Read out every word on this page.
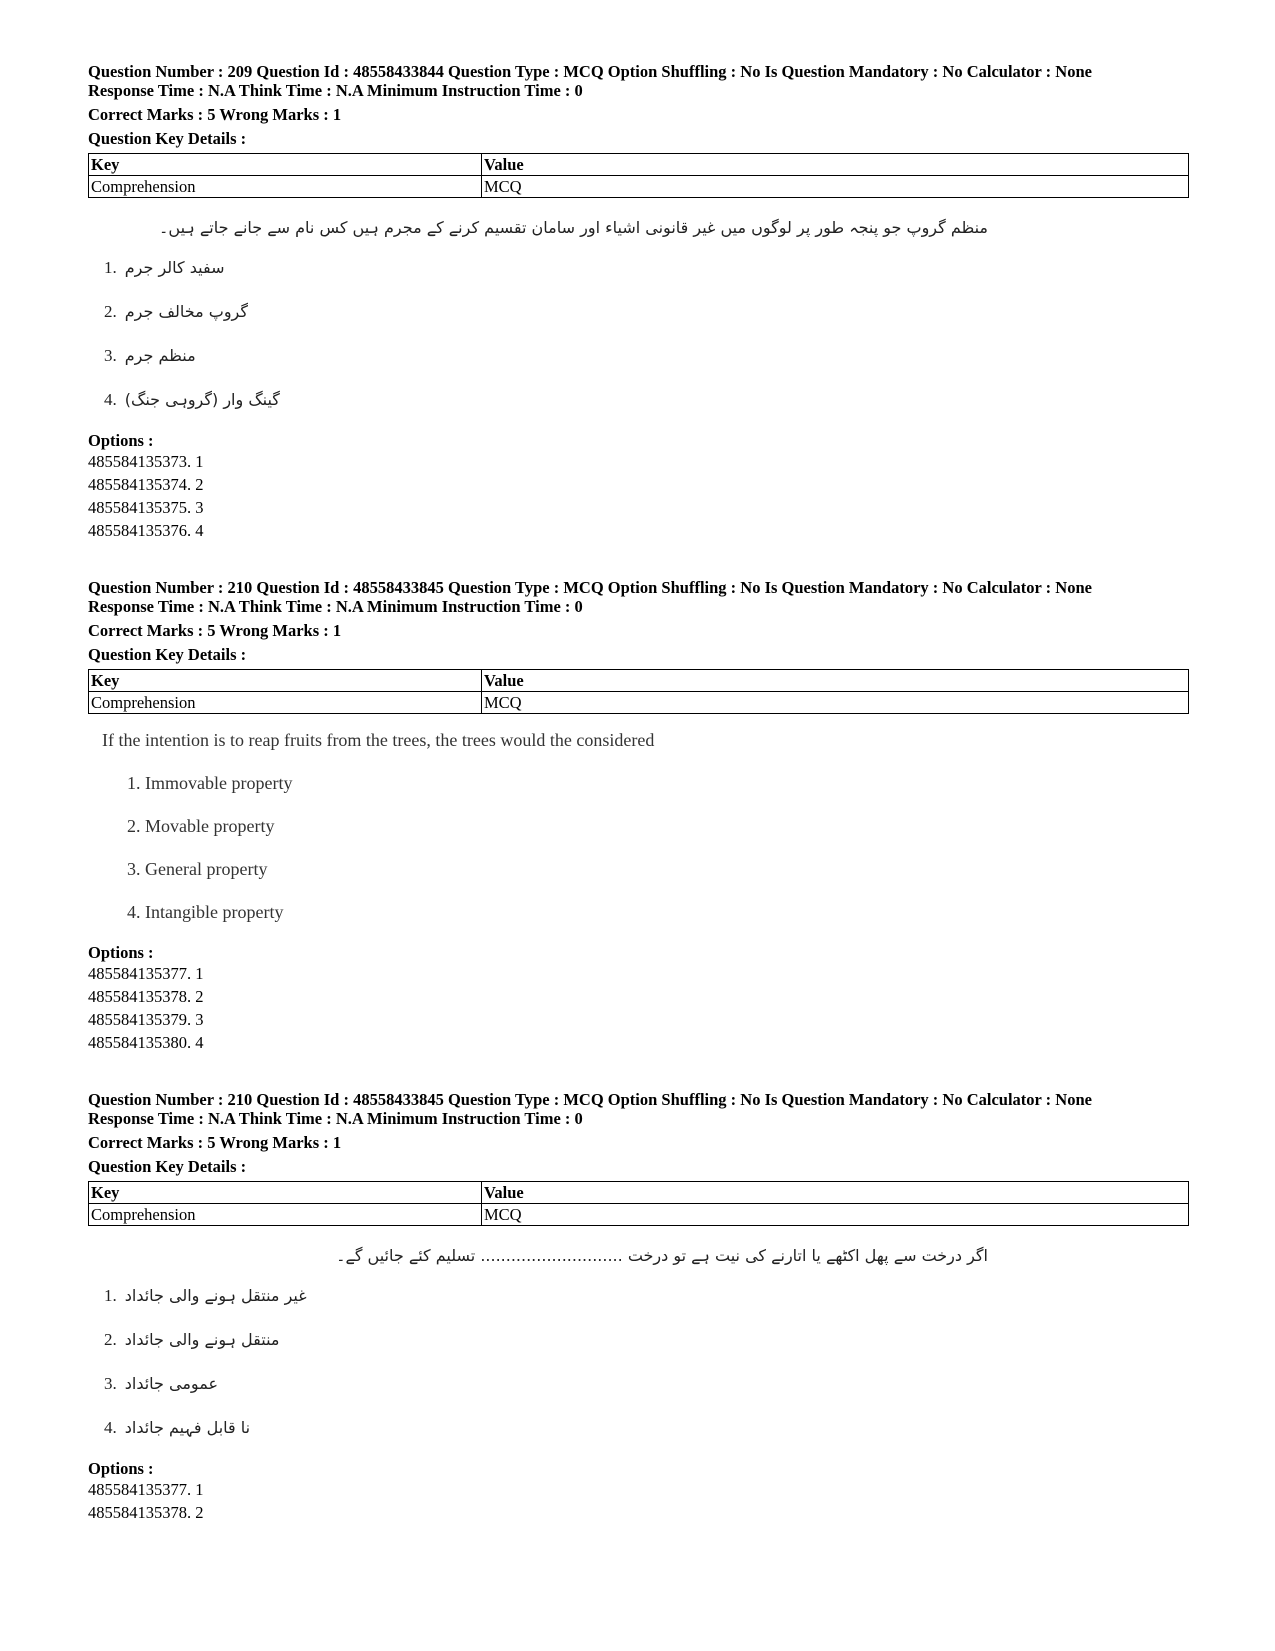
Question Number : 209 Question Id : 48558433844 Question Type : MCQ Option Shuffling : No Is Question Mandatory : No Calculator : None
Response Time : N.A Think Time : N.A Minimum Instruction Time : 0
Correct Marks : 5 Wrong Marks : 1
Question Key Details :
Key	Value
Comprehension	MCQ
منظم گروپ جو پنجہ طور پر لوگوں میں غیر قانونی اشیاء اور سامان تقسیم کرنے کے مجرم ہیں کس نام سے جانے جاتے ہیں۔
1. سفید کالر جرم
2. گروپ مخالف جرم
3. منظم جرم
4. گینگ وار (گروہی جنگ)
Options :
485584135373. 1
485584135374. 2
485584135375. 3
485584135376. 4
Question Number : 210 Question Id : 48558433845 Question Type : MCQ Option Shuffling : No Is Question Mandatory : No Calculator : None
Response Time : N.A Think Time : N.A Minimum Instruction Time : 0
Correct Marks : 5 Wrong Marks : 1
Question Key Details :
Key	Value
Comprehension	MCQ
If the intention is to reap fruits from the trees, the trees would the considered
1. Immovable property
2. Movable property
3. General property
4. Intangible property
Options :
485584135377. 1
485584135378. 2
485584135379. 3
485584135380. 4
Question Number : 210 Question Id : 48558433845 Question Type : MCQ Option Shuffling : No Is Question Mandatory : No Calculator : None
Response Time : N.A Think Time : N.A Minimum Instruction Time : 0
Correct Marks : 5 Wrong Marks : 1
Question Key Details :
Key	Value
Comprehension	MCQ
اگر درخت سے پھل اکٹھے یا اتارنے کی نیت ہے تو درخت ............................ تسلیم کئے جائیں گے۔
1. غیر منتقل ہونے والی جائداد
2. منتقل ہونے والی جائداد
3. عمومی جائداد
4. نا قابل فہیم جائداد
Options :
485584135377. 1
485584135378. 2
